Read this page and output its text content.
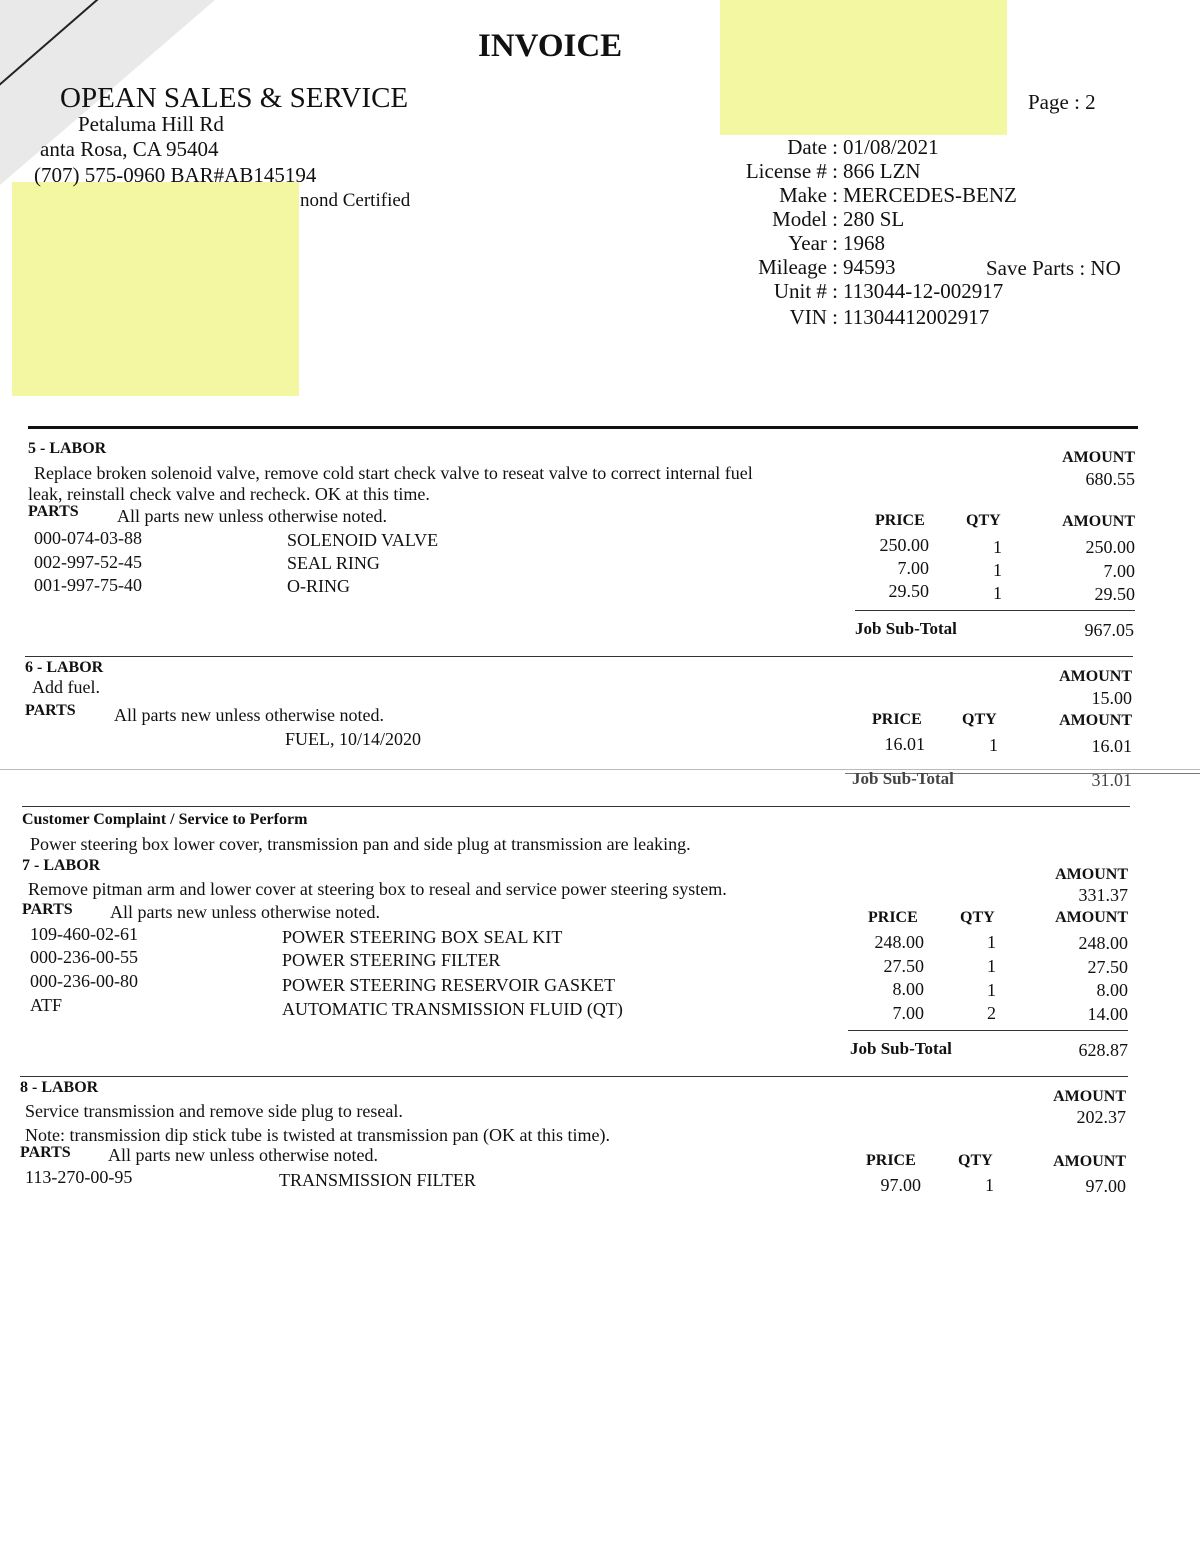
INVOICE
Page : 2
OPEAN SALES & SERVICE
Petaluma Hill Rd
anta Rosa, CA 95404
(707) 575-0960 BAR#AB145194
nond Certified
Date : 01/08/2021
License # : 866 LZN
Make : MERCEDES-BENZ
Model : 280 SL
Year : 1968
Mileage : 94593	Save Parts : NO
Unit # : 113044-12-002917
VIN : 11304412002917
5 - LABOR
AMOUNT
Replace broken solenoid valve, remove cold start check valve to reseat valve to correct internal fuel	680.55
leak, reinstall check valve and recheck. OK at this time.
PARTS All parts new unless otherwise noted.	PRICE	QTY	AMOUNT
000-074-03-88	SOLENOID VALVE	250.00	1	250.00
002-997-52-45	SEAL RING	7.00	1	7.00
001-997-75-40	O-RING	29.50	1	29.50
Job Sub-Total	967.05
6 - LABOR
AMOUNT
Add fuel.
15.00
PARTS All parts new unless otherwise noted.	PRICE	QTY	AMOUNT
FUEL, 10/14/2020	16.01	1	16.01
Job Sub-Total	31.01
Customer Complaint / Service to Perform
Power steering box lower cover, transmission pan and side plug at transmission are leaking.
7 - LABOR
AMOUNT
Remove pitman arm and lower cover at steering box to reseal and service power steering system.	331.37
PARTS All parts new unless otherwise noted.	PRICE	QTY	AMOUNT
109-460-02-61	POWER STEERING BOX SEAL KIT	248.00	1	248.00
000-236-00-55	POWER STEERING FILTER	27.50	1	27.50
000-236-00-80	POWER STEERING RESERVOIR GASKET	8.00	1	8.00
ATF	AUTOMATIC TRANSMISSION FLUID (QT)	7.00	2	14.00
Job Sub-Total	628.87
8 - LABOR
AMOUNT
Service transmission and remove side plug to reseal.	202.37
Note: transmission dip stick tube is twisted at transmission pan (OK at this time).
PARTS All parts new unless otherwise noted.	PRICE	QTY	AMOUNT
113-270-00-95	TRANSMISSION FILTER	97.00	1	97.00
